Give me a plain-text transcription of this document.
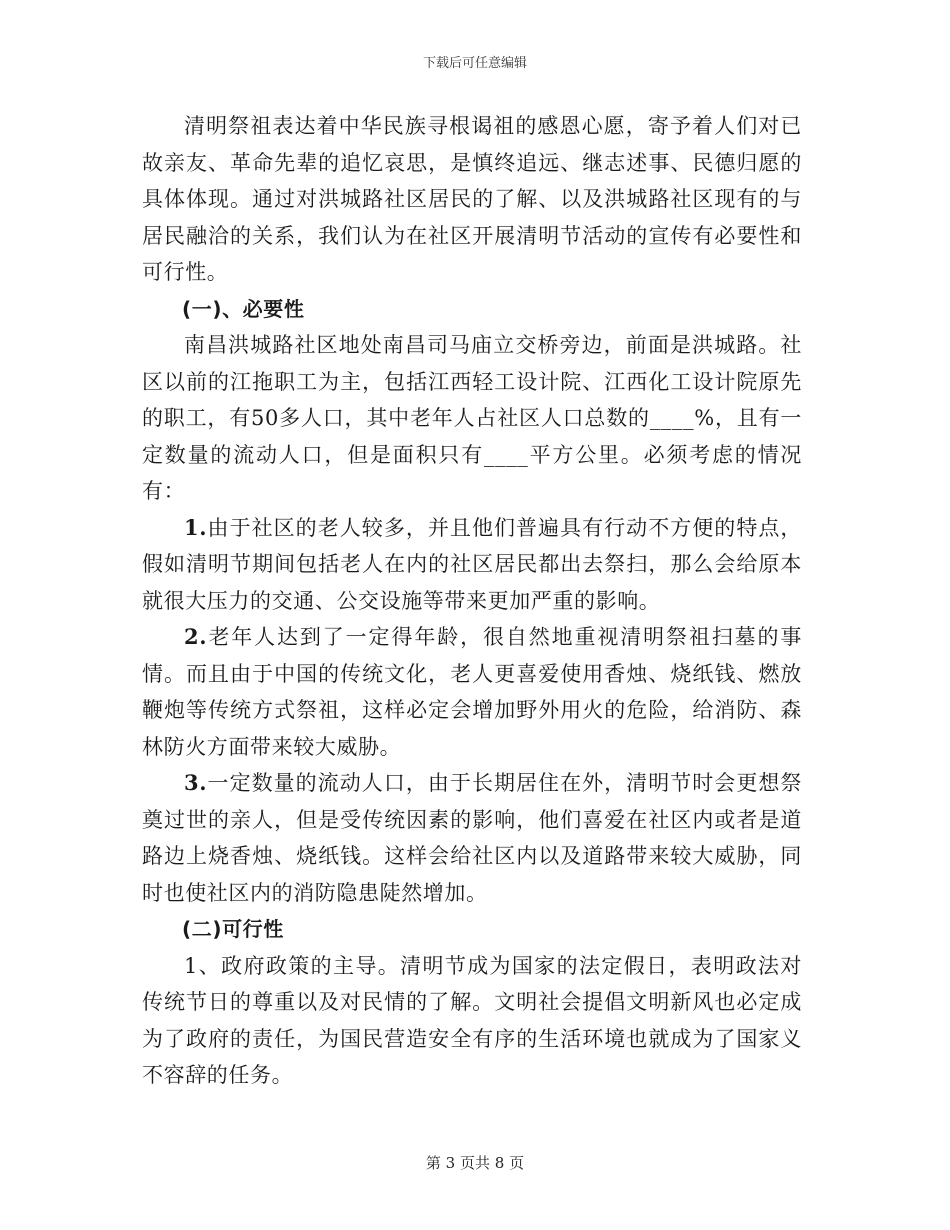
下载后可任意编辑

清明祭祖表达着中华民族寻根谒祖的感恩心愿，寄予着人们对已故亲友、革命先辈的追忆哀思，是慎终追远、继志述事、民德归愿的具体体现。通过对洪城路社区居民的了解、以及洪城路社区现有的与居民融洽的关系，我们认为在社区开展清明节活动的宣传有必要性和可行性。

(一)、必要性

南昌洪城路社区地处南昌司马庙立交桥旁边，前面是洪城路。社区以前的江拖职工为主，包括江西轻工设计院、江西化工设计院原先的职工，有50多人口，其中老年人占社区人口总数的____%，且有一定数量的流动人口，但是面积只有____平方公里。必须考虑的情况有：

1.由于社区的老人较多，并且他们普遍具有行动不方便的特点，假如清明节期间包括老人在内的社区居民都出去祭扫，那么会给原本就很大压力的交通、公交设施等带来更加严重的影响。

2.老年人达到了一定得年龄，很自然地重视清明祭祖扫墓的事情。而且由于中国的传统文化，老人更喜爱使用香烛、烧纸钱、燃放鞭炮等传统方式祭祖，这样必定会增加野外用火的危险，给消防、森林防火方面带来较大威胁。

3.一定数量的流动人口，由于长期居住在外，清明节时会更想祭奠过世的亲人，但是受传统因素的影响，他们喜爱在社区内或者是道路边上烧香烛、烧纸钱。这样会给社区内以及道路带来较大威胁，同时也使社区内的消防隐患陡然增加。

(二)可行性

1、政府政策的主导。清明节成为国家的法定假日，表明政法对传统节日的尊重以及对民情的了解。文明社会提倡文明新风也必定成为了政府的责任，为国民营造安全有序的生活环境也就成为了国家义不容辞的任务。

第 3 页共 8 页
